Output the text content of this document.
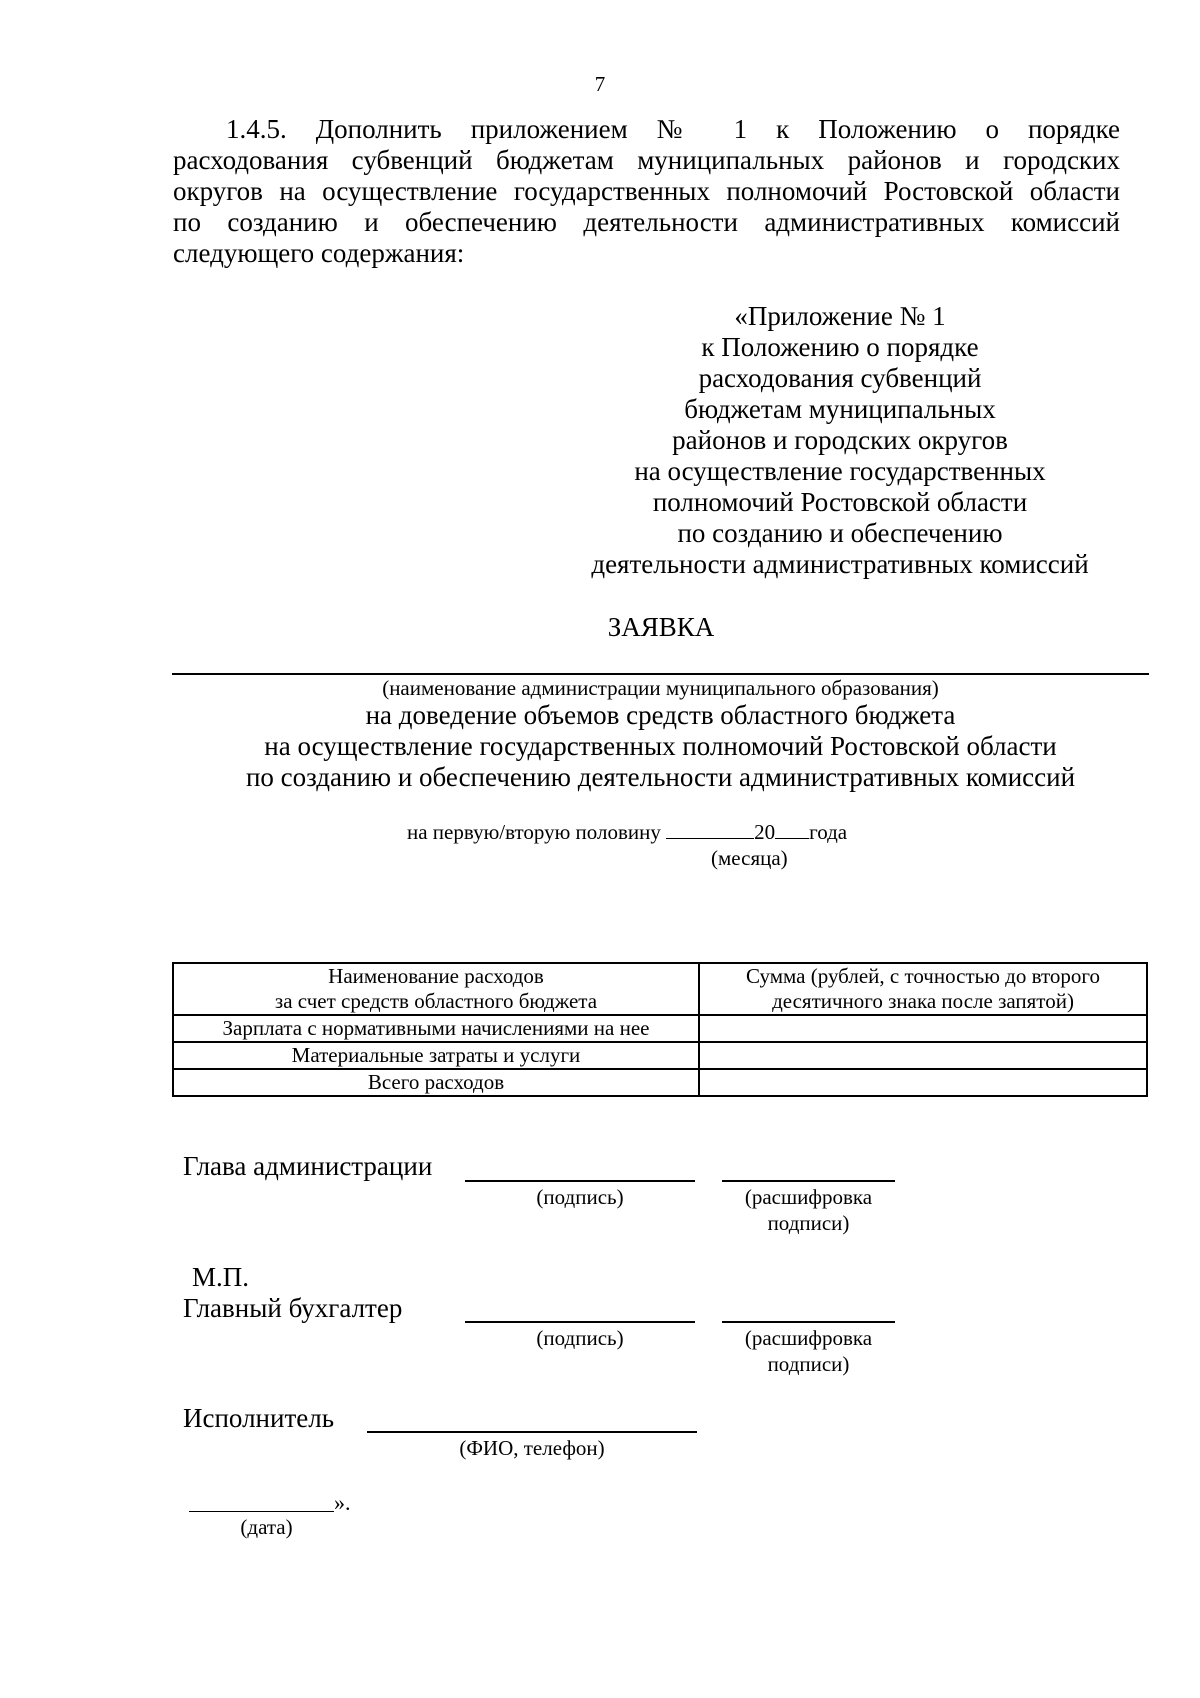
7
1.4.5. Дополнить приложением № 1 к Положению о порядке
расходования субвенций бюджетам муниципальных районов и городских
округов на осуществление государственных полномочий Ростовской области
по созданию и обеспечению деятельности административных комиссий
следующего содержания:
«Приложение № 1
к Положению о порядке
расходования субвенций
бюджетам муниципальных
районов и городских округов
на осуществление государственных
полномочий Ростовской области
по созданию и обеспечению
деятельности административных комиссий
ЗАЯВКА
(наименование администрации муниципального образования)
на доведение объемов средств областного бюджета
на осуществление государственных полномочий Ростовской области
по созданию и обеспечению деятельности административных комиссий
на первую/вторую половину	20 года
(месяца)
Наименование расходов
за счет средств областного бюджета	Сумма (рублей, с точностью до второго
десятичного знака после запятой)
Зарплата с нормативными начислениями на нее	
Материальные затраты и услуги	
Всего расходов	
Глава администрации
(подпись)	(расшифровка
подписи)
М.П.
Главный бухгалтер
(подпись)	(расшифровка
подписи)
Исполнитель
(ФИО, телефон)
».
(дата)
